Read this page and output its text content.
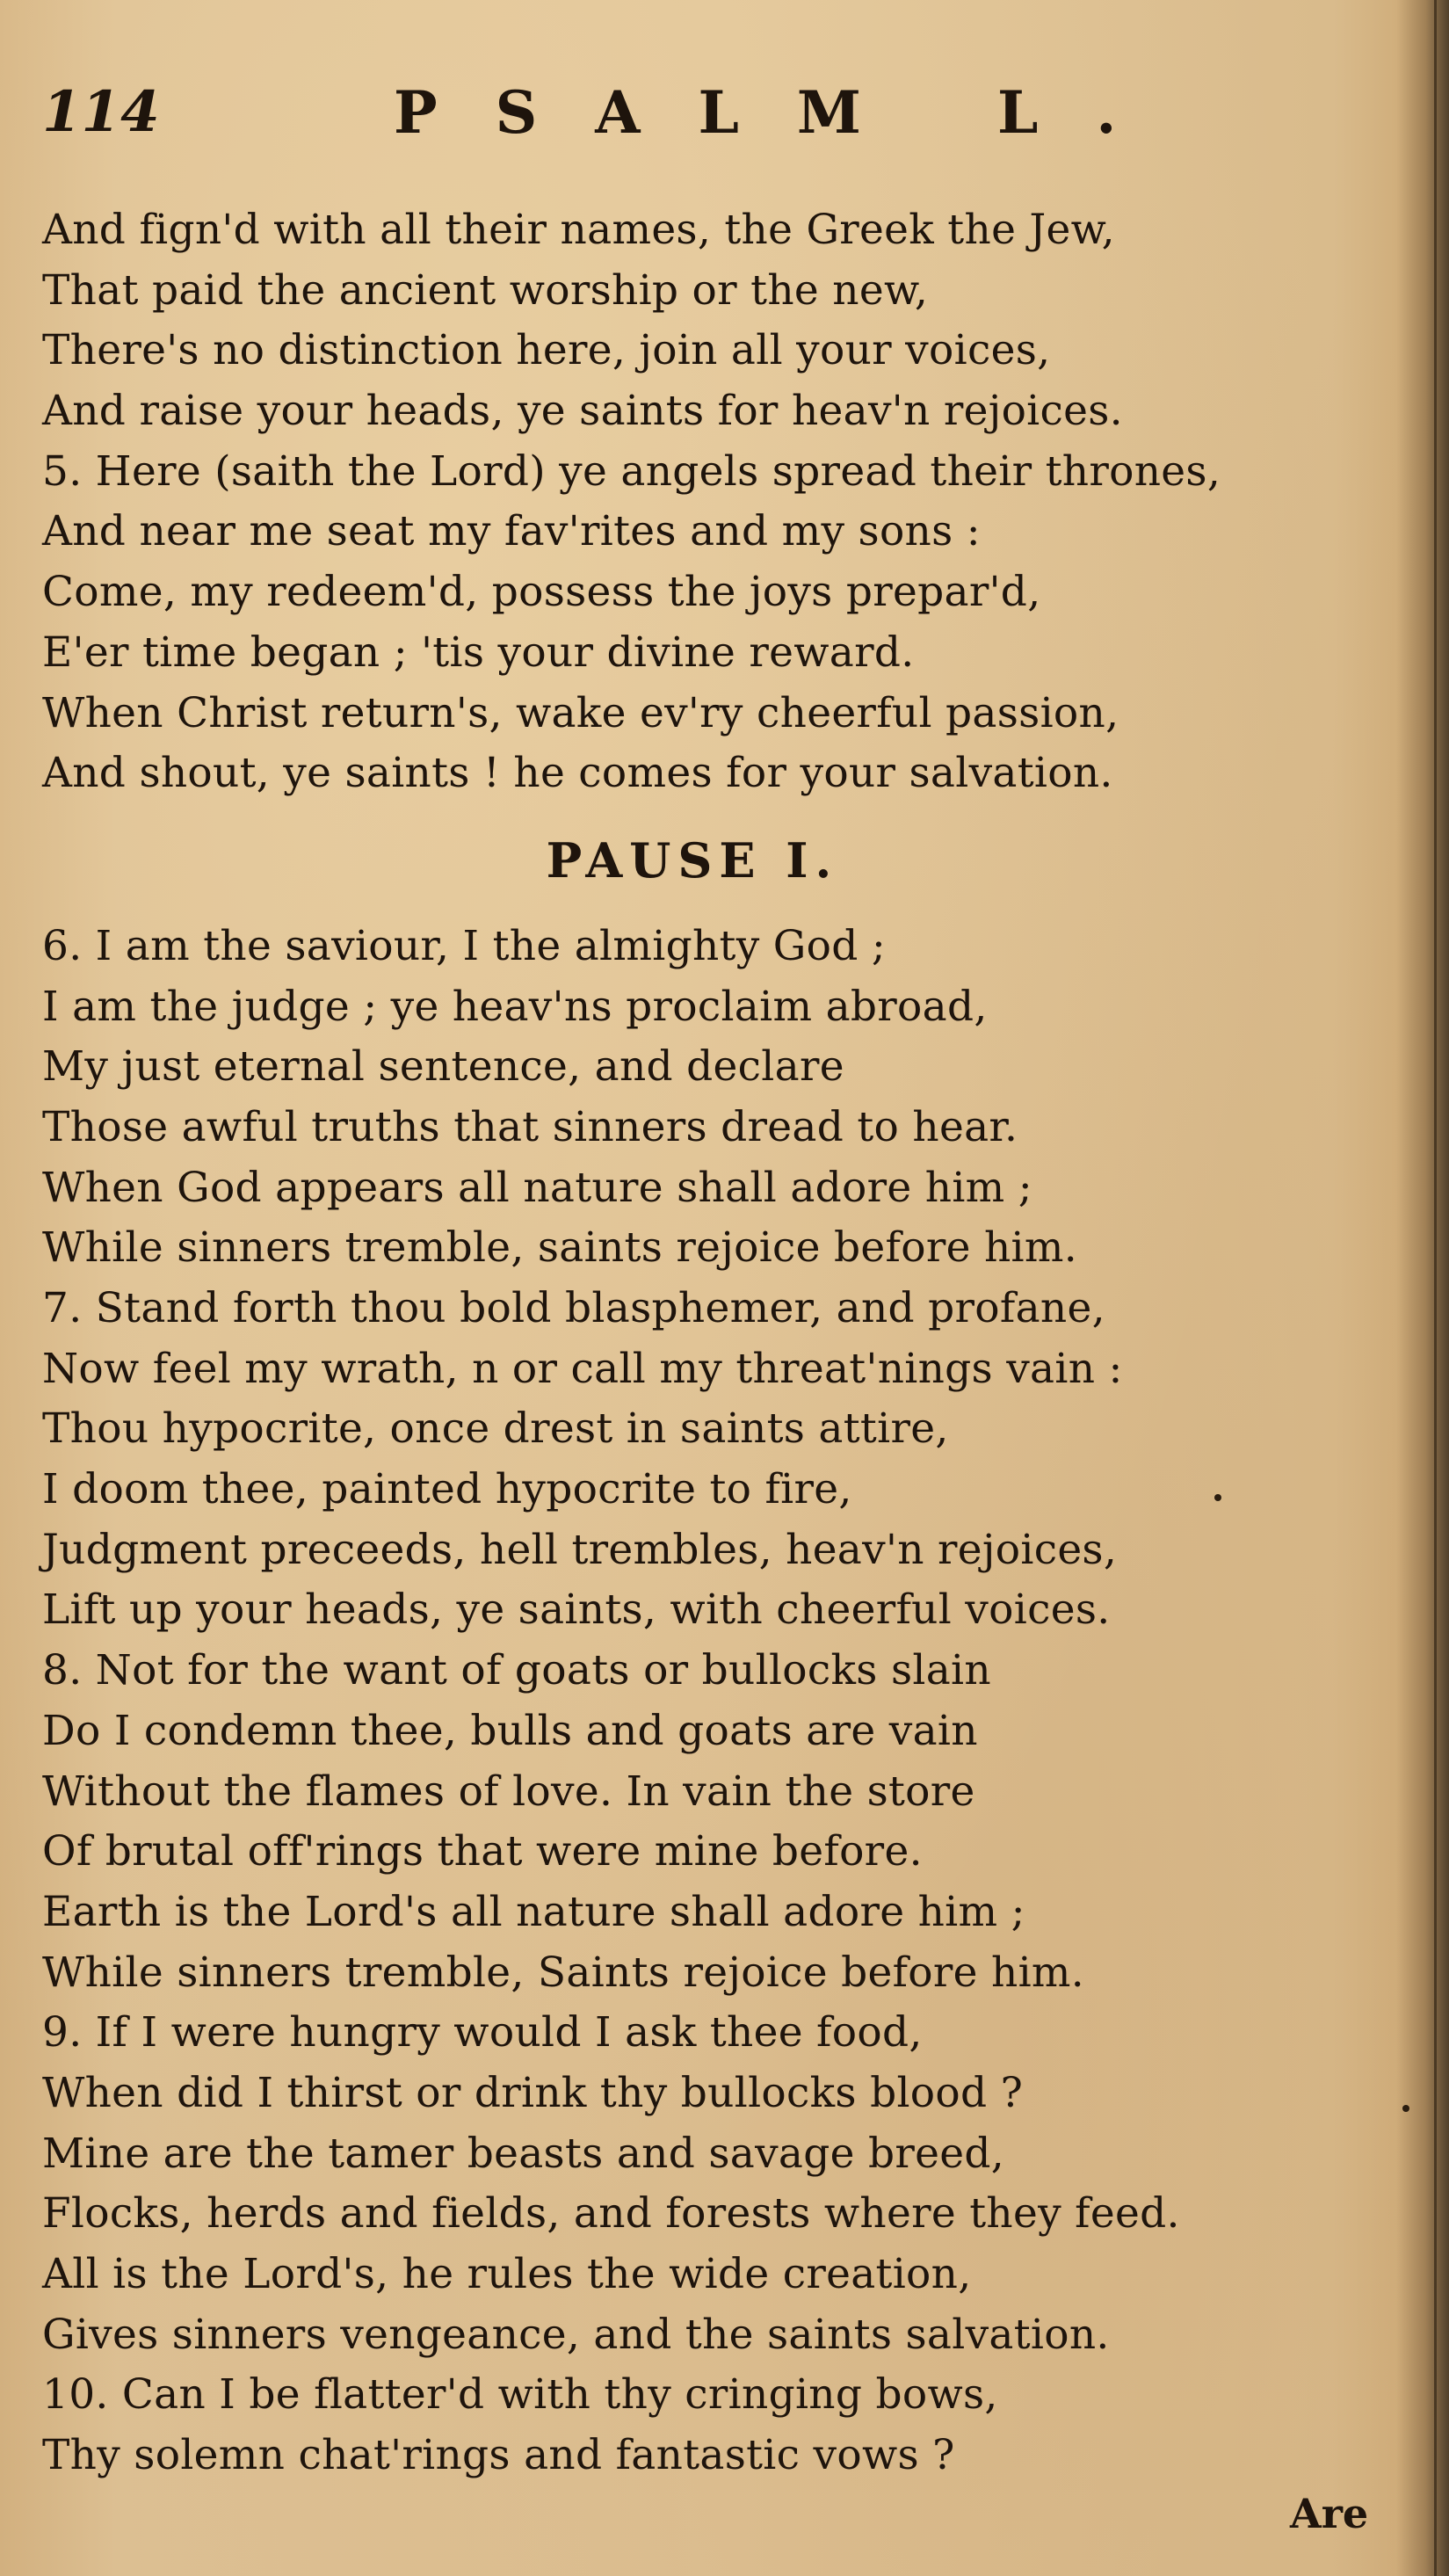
114	PSALM L.
And fign'd with all their names, the Greek the Jew,
That paid the ancient worship or the new,
There's no distinction here, join all your voices,
And raise your heads, ye saints for heav'n rejoices.
5. Here (saith the Lord) ye angels spread their thrones,
And near me seat my fav'rites and my sons :
Come, my redeem'd, possess the joys prepar'd,
E'er time began ; 'tis your divine reward.
When Christ return's, wake ev'ry cheerful passion,
And shout, ye saints ! he comes for your salvation.
PAUSE I.
6. I am the saviour, I the almighty God ;
I am the judge ; ye heav'ns proclaim abroad,
My just eternal sentence, and declare
Those awful truths that sinners dread to hear.
When God appears all nature shall adore him ;
While sinners tremble, saints rejoice before him.
7. Stand forth thou bold blasphemer, and profane,
Now feel my wrath, n or call my threat'nings vain :
Thou hypocrite, once drest in saints attire,
I doom thee, painted hypocrite to fire,
Judgment preceeds, hell trembles, heav'n rejoices,
Lift up your heads, ye saints, with cheerful voices.
8. Not for the want of goats or bullocks slain
Do I condemn thee, bulls and goats are vain
Without the flames of love. In vain the store
Of brutal off'rings that were mine before.
Earth is the Lord's all nature shall adore him ;
While sinners tremble, Saints rejoice before him.
9. If I were hungry would I ask thee food,
When did I thirst or drink thy bullocks blood ?
Mine are the tamer beasts and savage breed,
Flocks, herds and fields, and forests where they feed.
All is the Lord's, he rules the wide creation,
Gives sinners vengeance, and the saints salvation.
10. Can I be flatter'd with thy cringing bows,
Thy solemn chat'rings and fantastic vows ?
Are
